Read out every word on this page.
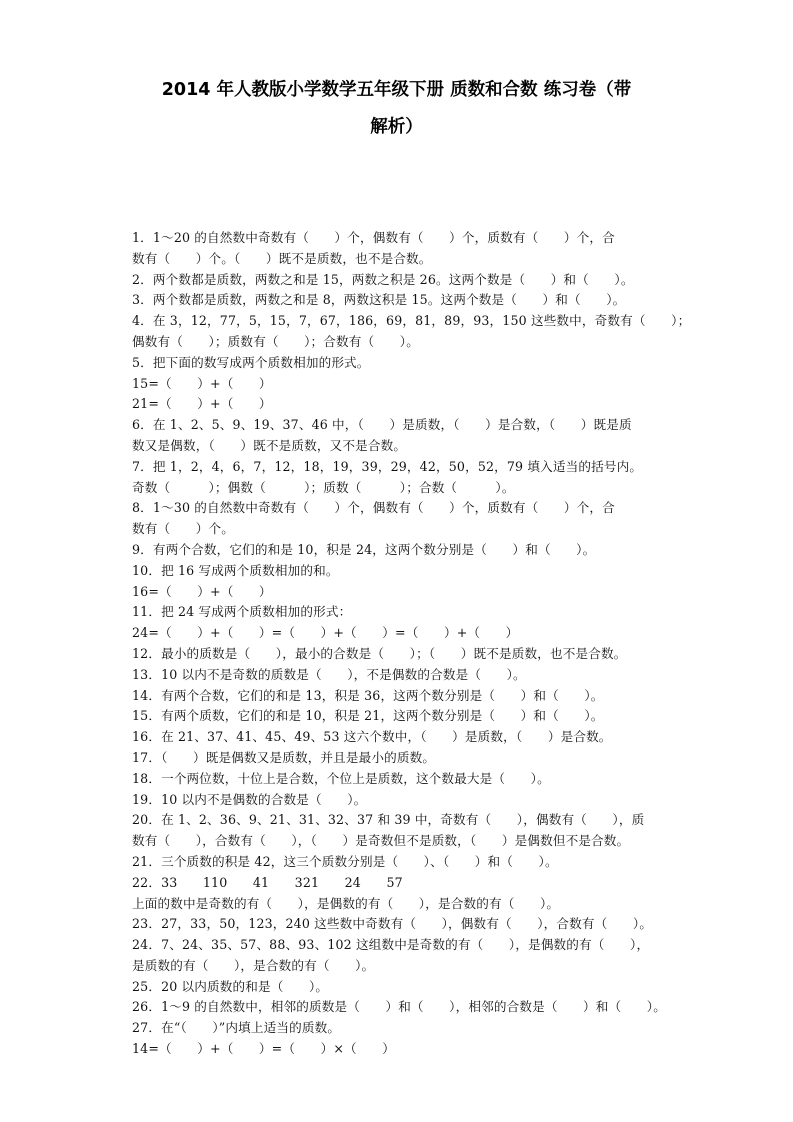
2014 年人教版小学数学五年级下册 质数和合数 练习卷（带
解析）
1．1～20 的自然数中奇数有（　　）个，偶数有（　　）个，质数有（　　）个，合
数有（　　）个。（　　）既不是质数，也不是合数。
2．两个数都是质数，两数之和是 15，两数之积是 26。这两个数是（　　）和（　　）。
3．两个数都是质数，两数之和是 8，两数这积是 15。这两个数是（　　）和（　　）。
4．在 3，12，77，5，15，7，67，186，69，81，89，93，150 这些数中，奇数有（　　）；
偶数有（　　）；质数有（　　）；合数有（　　）。
5．把下面的数写成两个质数相加的形式。
15=（　　）+（　　）
21=（　　）+（　　）
6．在 1、2、5、9、19、37、46 中，（　　）是质数，（　　）是合数，（　　）既是质
数又是偶数，（　　）既不是质数，又不是合数。
7．把 1，2，4，6，7，12，18，19，39，29，42，50，52，79 填入适当的括号内。
奇数（　　　）；偶数（　　　）；质数（　　　）；合数（　　　）。
8．1～30 的自然数中奇数有（　　）个，偶数有（　　）个，质数有（　　）个，合
数有（　　）个。
9．有两个合数，它们的和是 10，积是 24，这两个数分别是（　　）和（　　）。
10．把 16 写成两个质数相加的和。
16=（　　）+（　　）
11．把 24 写成两个质数相加的形式：
24=（　　）+（　　）=（　　）+（　　）=（　　）+（　　）
12．最小的质数是（　　），最小的合数是（　　）；（　　）既不是质数，也不是合数。
13．10 以内不是奇数的质数是（　　），不是偶数的合数是（　　）。
14．有两个合数，它们的和是 13，积是 36，这两个数分别是（　　）和（　　）。
15．有两个质数，它们的和是 10，积是 21，这两个数分别是（　　）和（　　）。
16．在 21、37、41、45、49、53 这六个数中，（　　）是质数，（　　）是合数。
17．（　　）既是偶数又是质数，并且是最小的质数。
18．一个两位数，十位上是合数，个位上是质数，这个数最大是（　　）。
19．10 以内不是偶数的合数是（　　）。
20．在 1、2、36、9、21、31、32、37 和 39 中，奇数有（　　），偶数有（　　），质
数有（　　），合数有（　　），（　　）是奇数但不是质数，（　　）是偶数但不是合数。
21．三个质数的积是 42，这三个质数分别是（　　）、（　　）和（　　）。
22．33　　110　　41　　321　　24　　57
上面的数中是奇数的有（　　），是偶数的有（　　），是合数的有（　　）。
23．27，33，50，123，240 这些数中奇数有（　　），偶数有（　　），合数有（　　）。
24．7、24、35、57、88、93、102 这组数中是奇数的有（　　），是偶数的有（　　），
是质数的有（　　），是合数的有（　　）。
25．20 以内质数的和是（　　）。
26．1～9 的自然数中，相邻的质数是（　　）和（　　），相邻的合数是（　　）和（　　）。
27．在“（　　）”内填上适当的质数。
14=（　　）+（　　）=（　　）×（　　）
